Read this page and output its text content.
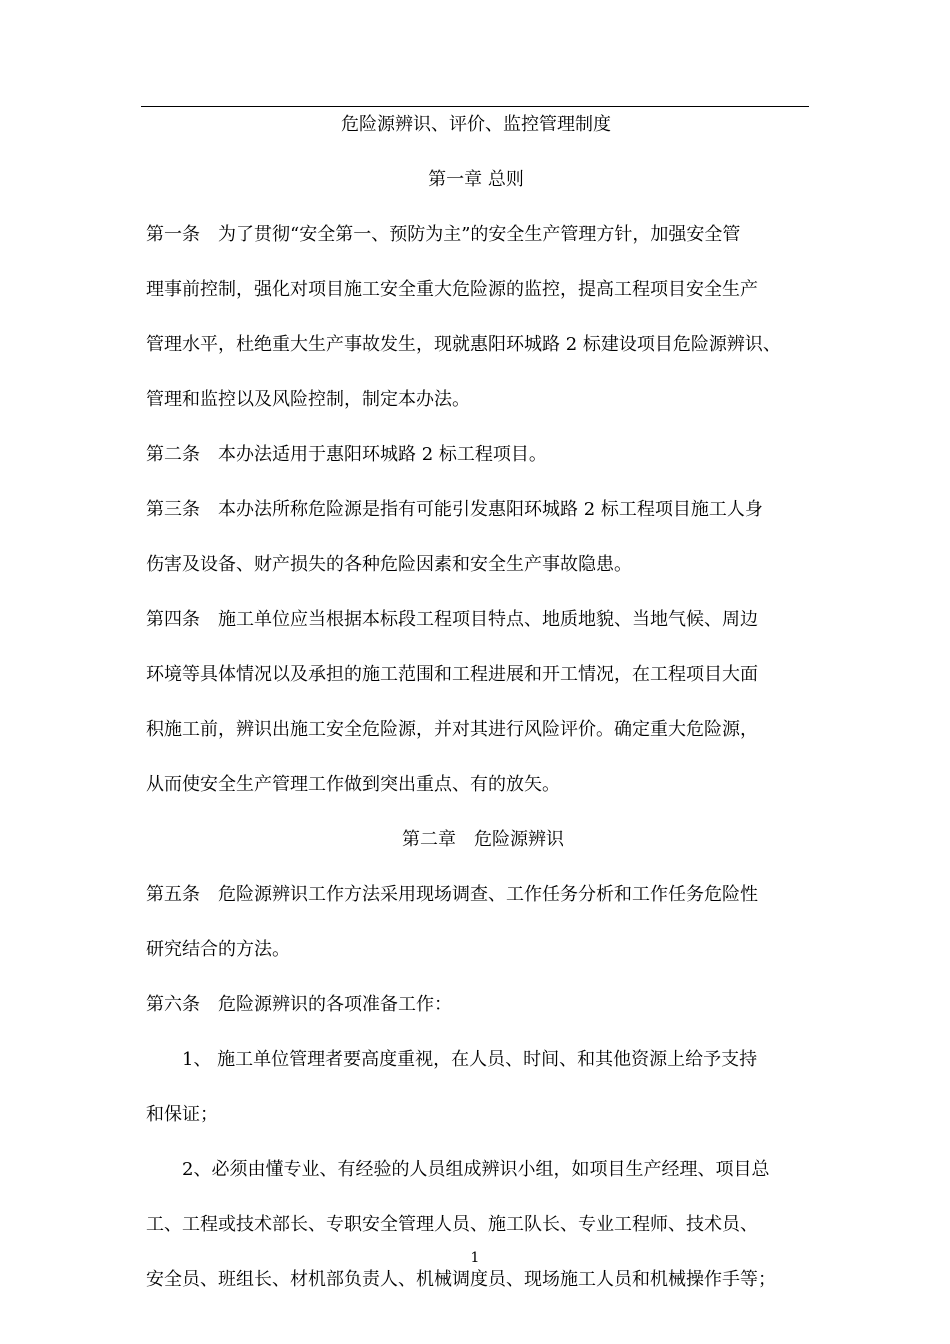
危险源辨识、评价、监控管理制度
第一章 总则
第一条　为了贯彻“安全第一、预防为主”的安全生产管理方针，加强安全管
理事前控制，强化对项目施工安全重大危险源的监控，提高工程项目安全生产
管理水平，杜绝重大生产事故发生，现就惠阳环城路 2 标建设项目危险源辨识、
管理和监控以及风险控制，制定本办法。
第二条　本办法适用于惠阳环城路 2 标工程项目。
第三条　本办法所称危险源是指有可能引发惠阳环城路 2 标工程项目施工人身
伤害及设备、财产损失的各种危险因素和安全生产事故隐患。
第四条　施工单位应当根据本标段工程项目特点、地质地貌、当地气候、周边
环境等具体情况以及承担的施工范围和工程进展和开工情况，在工程项目大面
积施工前，辨识出施工安全危险源，并对其进行风险评价。确定重大危险源，
从而使安全生产管理工作做到突出重点、有的放矢。
第二章　危险源辨识
第五条　危险源辨识工作方法采用现场调查、工作任务分析和工作任务危险性
研究结合的方法。
第六条　危险源辨识的各项准备工作：
1、 施工单位管理者要高度重视，在人员、时间、和其他资源上给予支持
和保证；
2、必须由懂专业、有经验的人员组成辨识小组，如项目生产经理、项目总
工、工程或技术部长、专职安全管理人员、施工队长、专业工程师、技术员、
安全员、班组长、材机部负责人、机械调度员、现场施工人员和机械操作手等；
1
